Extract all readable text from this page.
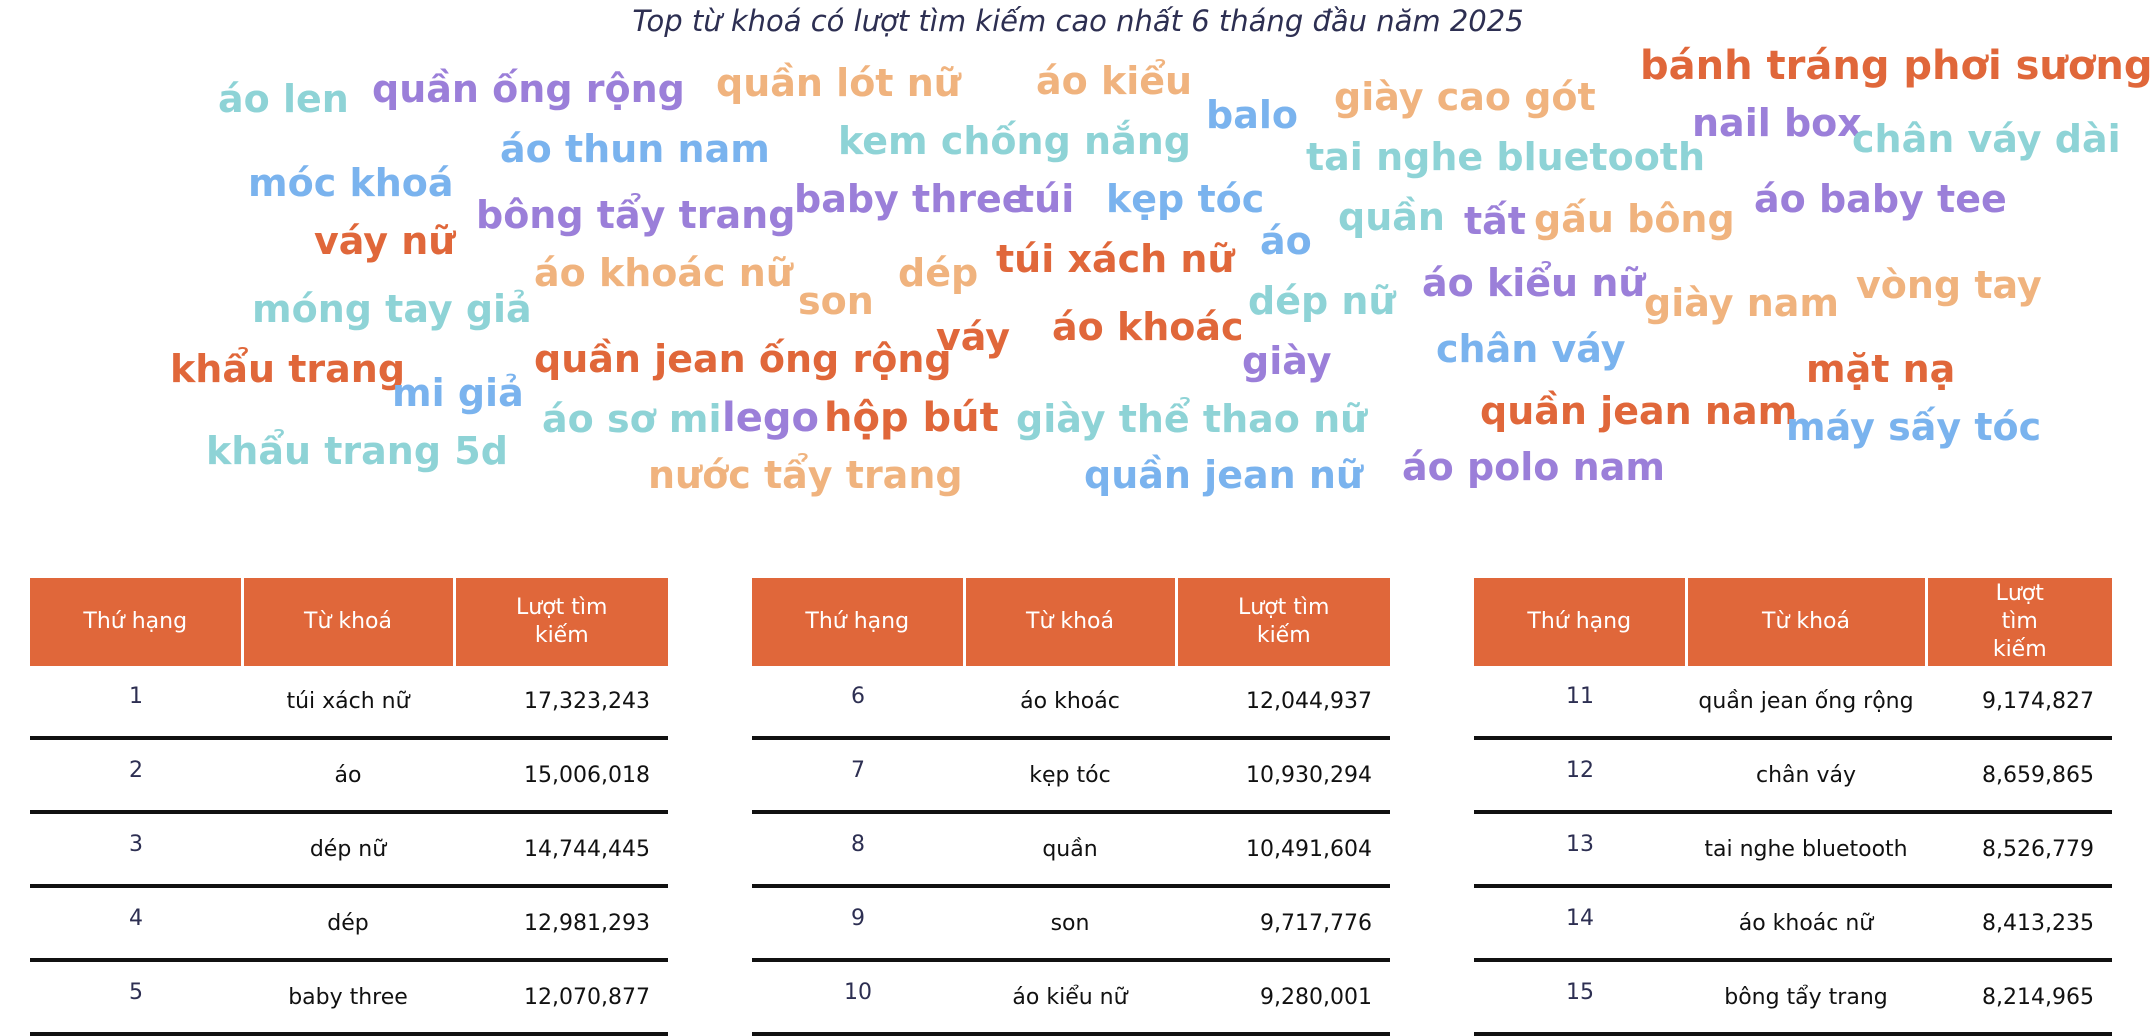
Top từ khoá có lượt tìm kiếm cao nhất 6 tháng đầu năm 2025
áo len quần ống rộng quần lót nữ áo kiểu
balo giày cao gót
bánh tráng phơi sương
nail box
chân váy dài
áo thun nam kem chống nắng	tai nghe bluetooth
móc khoá
bông tẩy trang
baby three
túi kẹp tóc quần tất gấu bông áo baby tee
váy nữ	áo
áo khoác nữ	dép túi xách nữ
son	dép nữ áo kiểu nữ
giày nam vòng tay
móng tay giả
váy áo khoác
khẩu trang	quần jean ống rộng	giày	chân váy	mặt nạ
mi giả
áo sơ mi lego hộp bút giày thể thao nữ	quần jean nam
máy sấy tóc
khẩu trang 5d
nước tẩy trang	quần jean nữ áo polo nam
Thứ hạng	Từ khoá	Lượt tìm kiếm
1	túi xách nữ	17,323,243
2	áo	15,006,018
3	dép nữ	14,744,445
4	dép	12,981,293
5	baby three	12,070,877
Thứ hạng	Từ khoá	Lượt tìm kiếm
6	áo khoác	12,044,937
7	kẹp tóc	10,930,294
8	quần	10,491,604
9	son	9,717,776
10	áo kiểu nữ	9,280,001
Thứ hạng	Từ khoá	Lượt tìm kiếm
11	quần jean ống rộng	9,174,827
12	chân váy	8,659,865
13	tai nghe bluetooth	8,526,779
14	áo khoác nữ	8,413,235
15	bông tẩy trang	8,214,965
